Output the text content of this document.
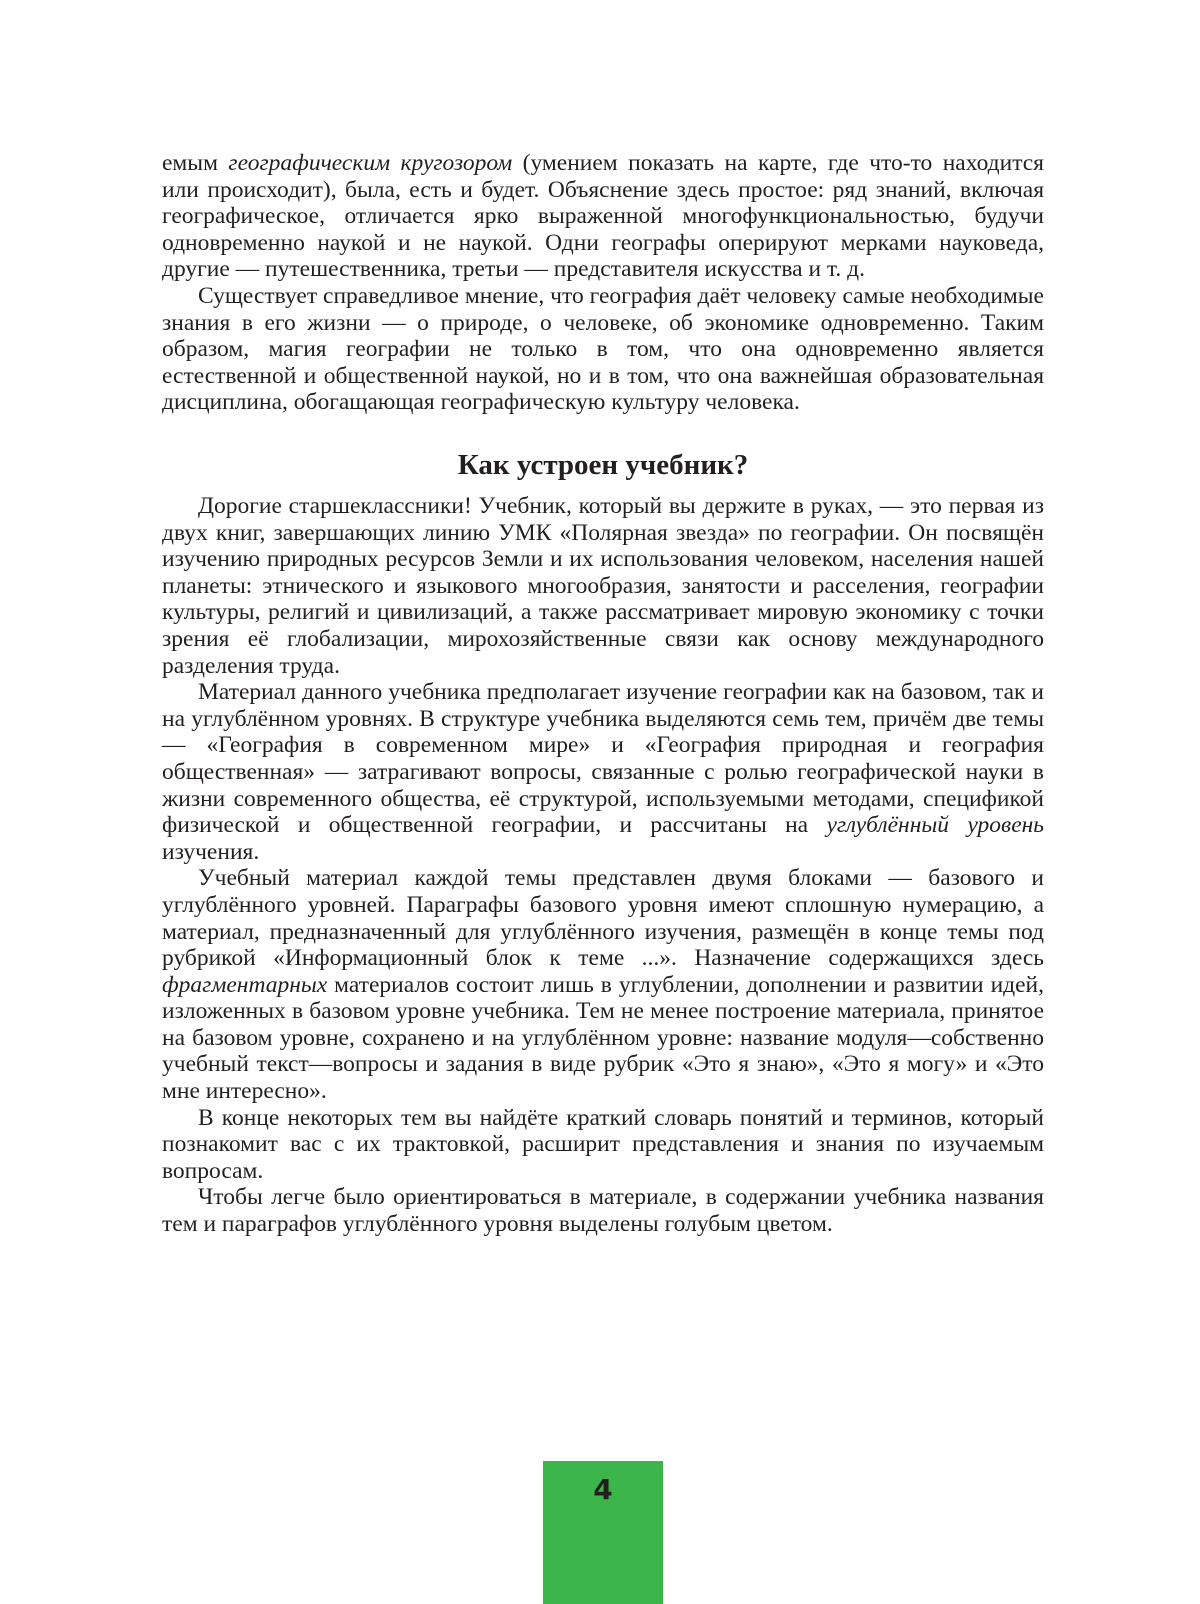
емым географическим кругозором (умением показать на карте, где что-то находится или происходит), была, есть и будет. Объяснение здесь простое: ряд знаний, включая географическое, отличается ярко выраженной многофункциональностью, будучи одновременно наукой и не наукой. Одни географы оперируют мерками науковеда, другие — путешественника, третьи — представителя искусства и т. д.

Существует справедливое мнение, что география даёт человеку самые необходимые знания в его жизни — о природе, о человеке, об экономике одновременно. Таким образом, магия географии не только в том, что она одновременно является естественной и общественной наукой, но и в том, что она важнейшая образовательная дисциплина, обогащающая географическую культуру человека.

Как устроен учебник?

Дорогие старшеклассники! Учебник, который вы держите в руках, — это первая из двух книг, завершающих линию УМК «Полярная звезда» по географии. Он посвящён изучению природных ресурсов Земли и их использования человеком, населения нашей планеты: этнического и языкового многообразия, занятости и расселения, географии культуры, религий и цивилизаций, а также рассматривает мировую экономику с точки зрения её глобализации, мирохозяйственные связи как основу международного разделения труда.

Материал данного учебника предполагает изучение географии как на базовом, так и на углублённом уровнях. В структуре учебника выделяются семь тем, причём две темы — «География в современном мире» и «География природная и география общественная» — затрагивают вопросы, связанные с ролью географической науки в жизни современного общества, её структурой, используемыми методами, спецификой физической и общественной географии, и рассчитаны на углублённый уровень изучения.

Учебный материал каждой темы представлен двумя блоками — базового и углублённого уровней. Параграфы базового уровня имеют сплошную нумерацию, а материал, предназначенный для углублённого изучения, размещён в конце темы под рубрикой «Информационный блок к теме ...». Назначение содержащихся здесь фрагментарных материалов состоит лишь в углублении, дополнении и развитии идей, изложенных в базовом уровне учебника. Тем не менее построение материала, принятое на базовом уровне, сохранено и на углублённом уровне: название модуля—собственно учебный текст—вопросы и задания в виде рубрик «Это я знаю», «Это я могу» и «Это мне интересно».

В конце некоторых тем вы найдёте краткий словарь понятий и терминов, который познакомит вас с их трактовкой, расширит представления и знания по изучаемым вопросам.

Чтобы легче было ориентироваться в материале, в содержании учебника названия тем и параграфов углублённого уровня выделены голубым цветом.

4
